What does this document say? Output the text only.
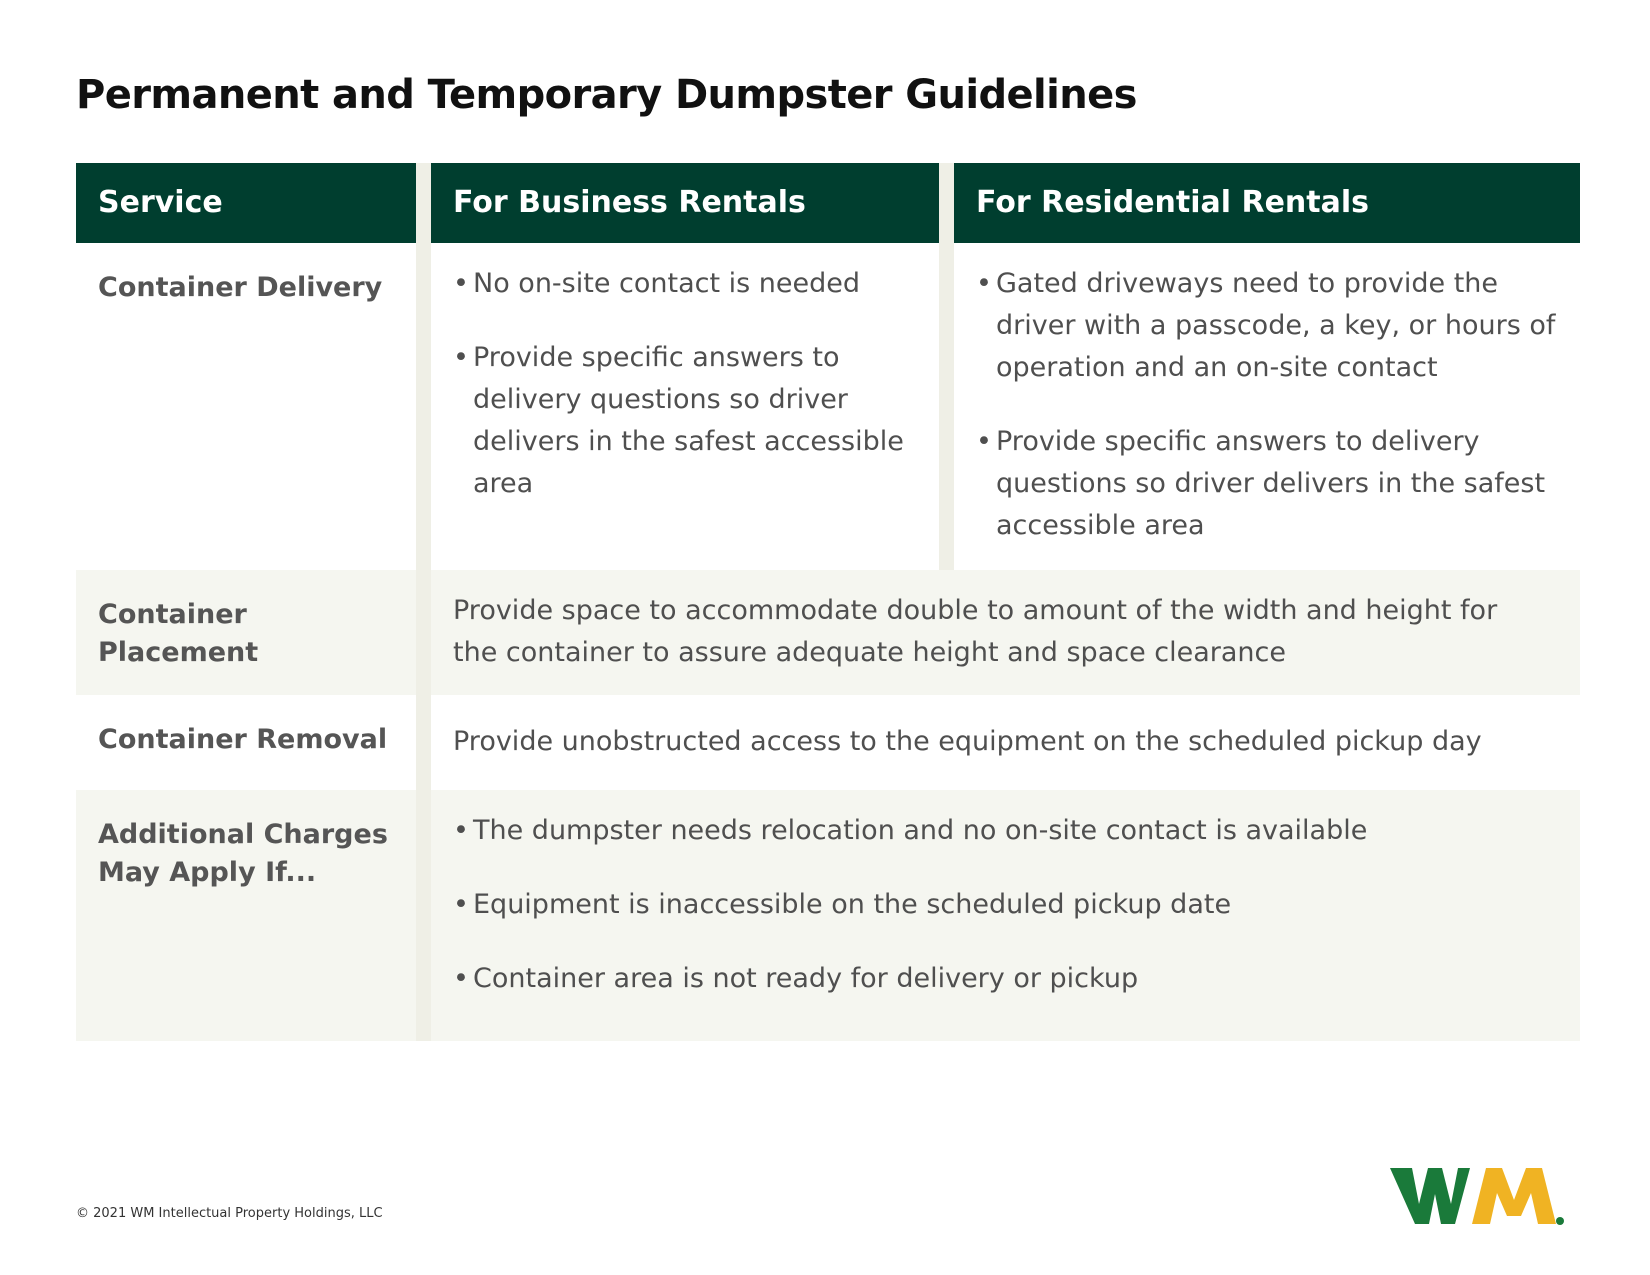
Permanent and Temporary Dumpster Guidelines
Service	For Business Rentals	For Residential Rentals
Container Delivery
•	No on-site contact is needed
• Provide specific answers to delivery questions so driver delivers in the safest accessible area
• Gated driveways need to provide the driver with a passcode, a key, or hours of operation and an on-site contact
• Provide specific answers to delivery questions so driver delivers in the safest accessible area
Container Placement
Provide space to accommodate double to amount of the width and height for the container to assure adequate height and space clearance
Container Removal	Provide unobstructed access to the equipment on the scheduled pickup day
Additional Charges May Apply If...
• The dumpster needs relocation and no on-site contact is available
• Equipment is inaccessible on the scheduled pickup date
• Container area is not ready for delivery or pickup
© 2021 WM Intellectual Property Holdings, LLC
